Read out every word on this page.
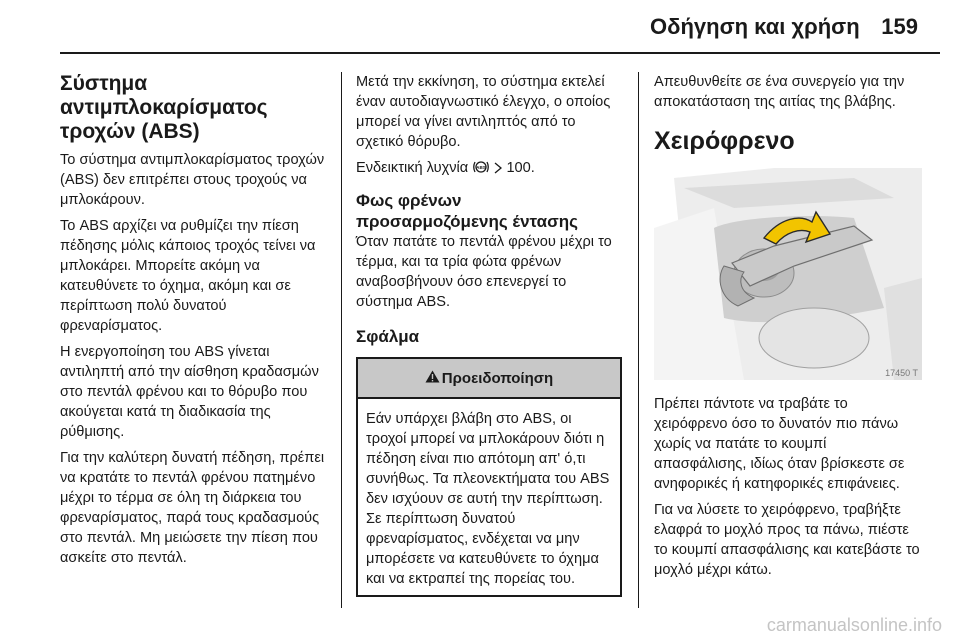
Οδήγηση και χρήση 159
Σύστημα
αντιμπλοκαρίσματος
τροχών (ABS)

Το σύστημα αντιμπλοκαρίσματος τροχών (ABS) δεν επιτρέπει στους τροχούς να μπλοκάρουν.

Το ABS αρχίζει να ρυθμίζει την πίεση πέδησης μόλις κάποιος τροχός τείνει να μπλοκάρει. Μπορείτε ακόμη να κατευθύνετε το όχημα, ακόμη και σε περίπτωση πολύ δυνατού φρεναρίσματος.

Η ενεργοποίηση του ABS γίνεται αντιληπτή από την αίσθηση κραδασμών στο πεντάλ φρένου και το θόρυβο που ακούγεται κατά τη διαδικασία της ρύθμισης.

Για την καλύτερη δυνατή πέδηση, πρέπει να κρατάτε το πεντάλ φρένου πατημένο μέχρι το τέρμα σε όλη τη διάρκεια του φρεναρίσματος, παρά τους κραδασμούς στο πεντάλ. Μη μειώσετε την πίεση που ασκείτε στο πεντάλ.

Μετά την εκκίνηση, το σύστημα εκτελεί έναν αυτοδιαγνωστικό έλεγχο, ο οποίος μπορεί να γίνει αντιληπτός από το σχετικό θόρυβο.

Ενδεικτική λυχνία ABS 100.

Φως φρένων
προσαρμοζόμενης έντασης

Όταν πατάτε το πεντάλ φρένου μέχρι το τέρμα, και τα τρία φώτα φρένων αναβοσβήνουν όσο επενεργεί το σύστημα ABS.

Σφάλμα
Προειδοποίηση

Εάν υπάρχει βλάβη στο ABS, οι τροχοί μπορεί να μπλοκάρουν διότι η πέδηση είναι πιο απότομη απ' ό,τι συνήθως. Τα πλεονεκτήματα του ABS δεν ισχύουν σε αυτή την περίπτωση. Σε περίπτωση δυνατού φρεναρίσματος, ενδέχεται να μην μπορέσετε να κατευθύνετε το όχημα και να εκτραπεί της πορείας του.

Απευθυνθείτε σε ένα συνεργείο για την αποκατάσταση της αιτίας της βλάβης.

Χειρόφρενο
17450 T

Πρέπει πάντοτε να τραβάτε το χειρόφρενο όσο το δυνατόν πιο πάνω χωρίς να πατάτε το κουμπί απασφάλισης, ιδίως όταν βρίσκεστε σε ανηφορικές ή κατηφορικές επιφάνειες.

Για να λύσετε το χειρόφρενο, τραβήξτε ελαφρά το μοχλό προς τα πάνω, πιέστε το κουμπί απασφάλισης και κατεβάστε το μοχλό μέχρι κάτω.

carmanualsonline.info
